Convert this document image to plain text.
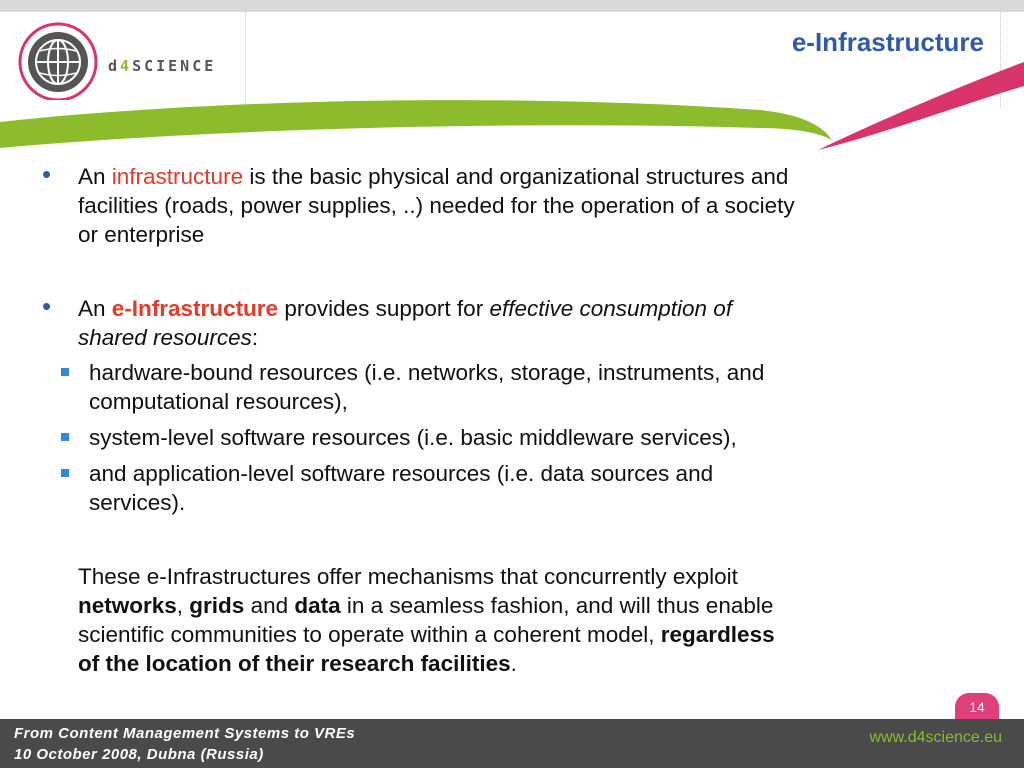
d4SCIENCE
e-Infrastructure
• An infrastructure is the basic physical and organizational structures and
facilities (roads, power supplies, ..) needed for the operation of a society
or enterprise
• An e-Infrastructure provides support for effective consumption of
shared resources:
hardware-bound resources (i.e. networks, storage, instruments, and
computational resources),
system-level software resources (i.e. basic middleware services),
and application-level software resources (i.e. data sources and
services).
These e-Infrastructures offer mechanisms that concurrently exploit
networks, grids and data in a seamless fashion, and will thus enable
scientific communities to operate within a coherent model, regardless
of the location of their research facilities.
14
From Content Management Systems to VREs
10 October 2008, Dubna (Russia)
www.d4science.eu
